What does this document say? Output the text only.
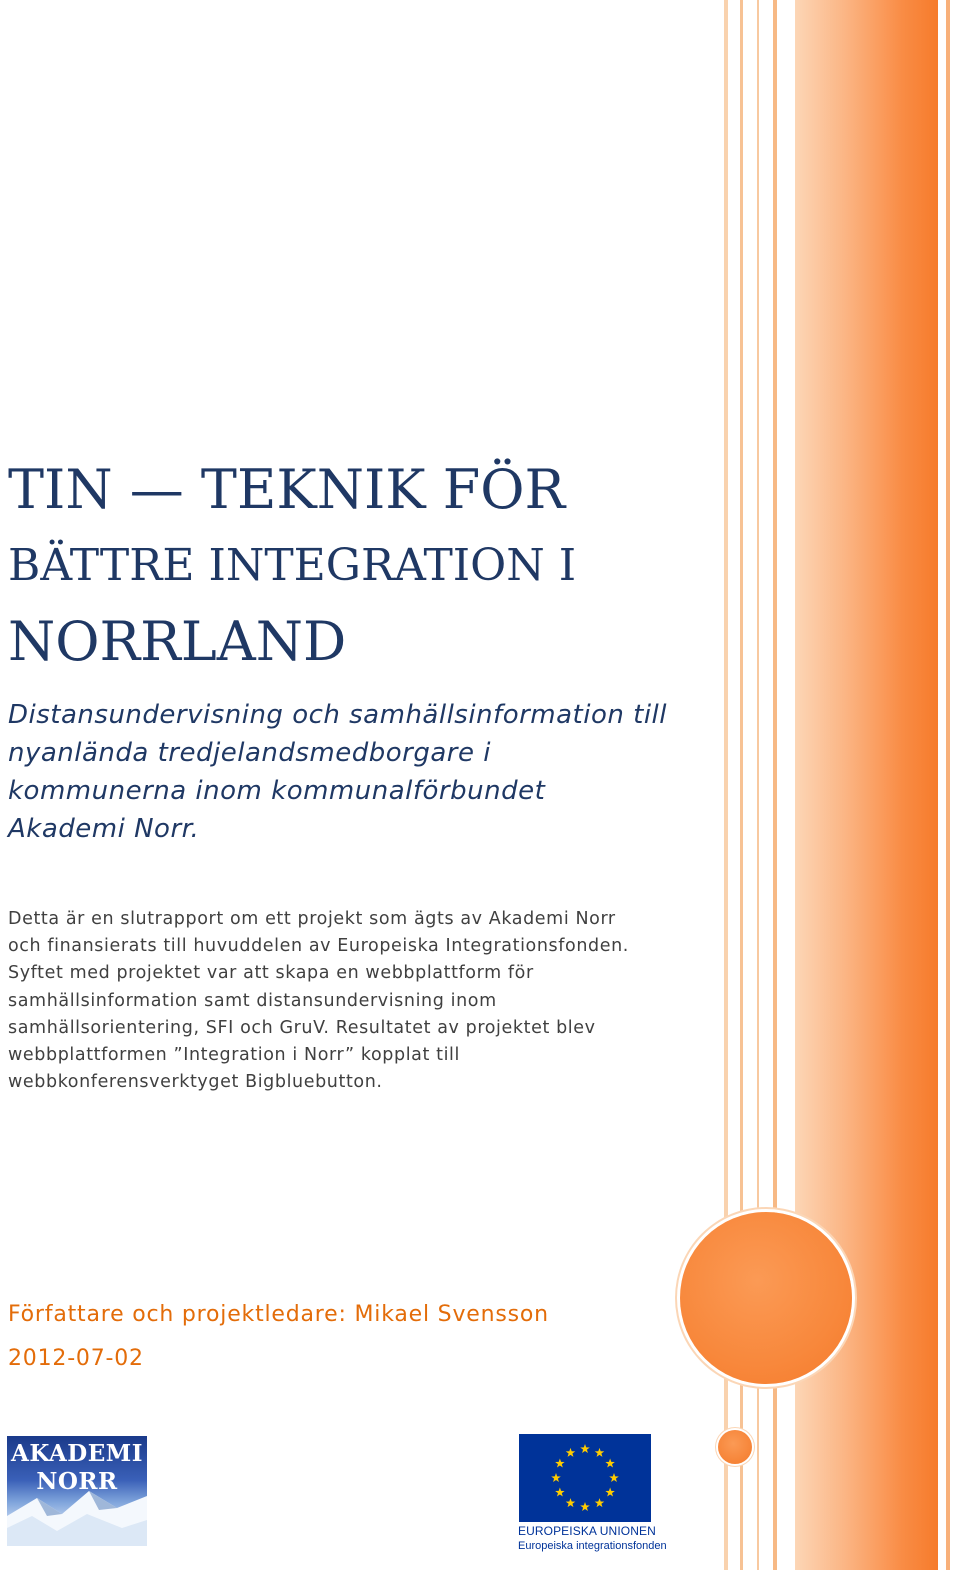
TIN — TEKNIK FÖR
BÄTTRE INTEGRATION I
NORRLAND
Distansundervisning och samhällsinformation till
nyanlända tredjelandsmedborgare i
kommunerna inom kommunalförbundet
Akademi Norr.
Detta är en slutrapport om ett projekt som ägts av Akademi Norr
och finansierats till huvuddelen av Europeiska Integrationsfonden.
Syftet med projektet var att skapa en webbplattform för
samhällsinformation samt distansundervisning inom
samhällsorientering, SFI och GruV. Resultatet av projektet blev
webbplattformen ”Integration i Norr” kopplat till
webbkonferensverktyget Bigbluebutton.
Författare och projektledare: Mikael Svensson
2012-07-02
AKADEMI
NORR
EUROPEISKA UNIONEN
Europeiska integrationsfonden
